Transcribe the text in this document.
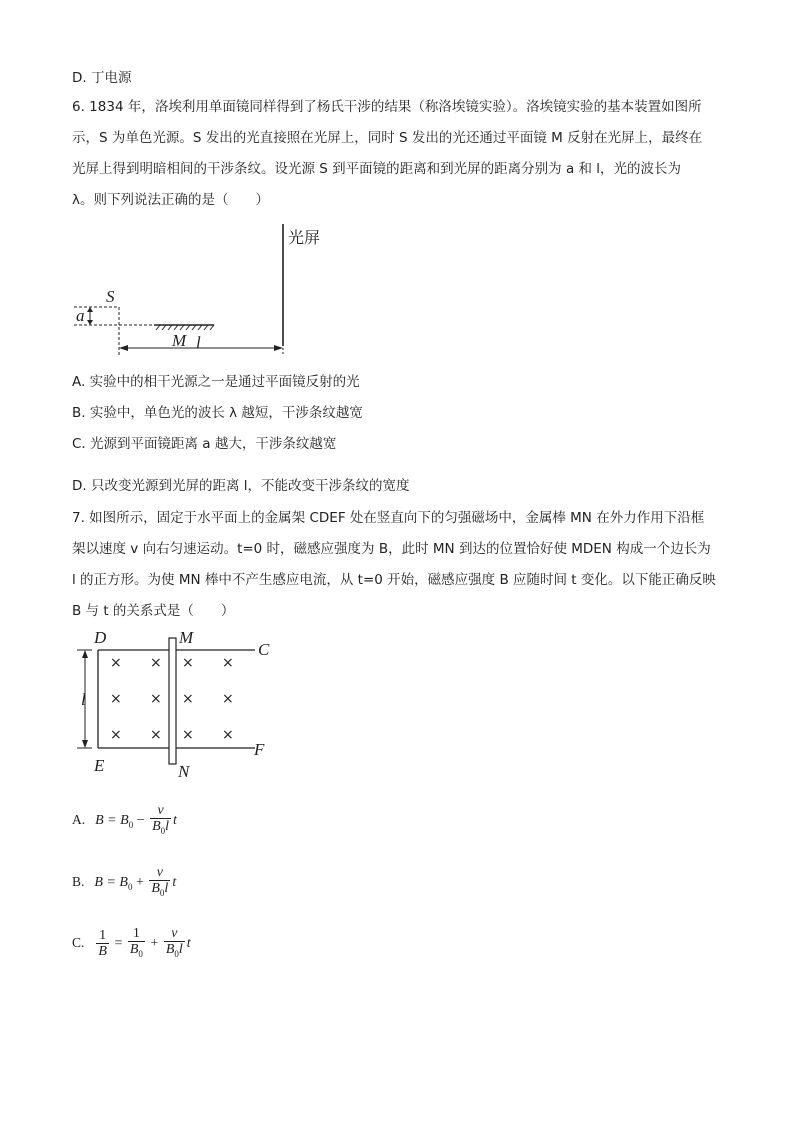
D. 丁电源

6. 1834 年，洛埃利用单面镜同样得到了杨氏干涉的结果（称洛埃镜实验）。洛埃镜实验的基本装置如图所

示，S 为单色光源。S 发出的光直接照在光屏上，同时 S 发出的光还通过平面镜 M 反射在光屏上，最终在

光屏上得到明暗相间的干涉条纹。设光源 S 到平面镜的距离和到光屏的距离分别为 a 和 l，光的波长为

λ。则下列说法正确的是（　　）

光屏
S
a
M l
A. 实验中的相干光源之一是通过平面镜反射的光
B. 实验中，单色光的波长 λ 越短，干涉条纹越宽
C. 光源到平面镜距离 a 越大，干涉条纹越宽
D. 只改变光源到光屏的距离 l，不能改变干涉条纹的宽度

7. 如图所示，固定于水平面上的金属架 CDEF 处在竖直向下的匀强磁场中，金属棒 MN 在外力作用下沿框

架以速度 v 向右匀速运动。t=0 时，磁感应强度为 B，此时 MN 到达的位置恰好使 MDEN 构成一个边长为

l 的正方形。为使 MN 棒中不产生感应电流，从 t=0 开始，磁感应强度 B 应随时间 t 变化。以下能正确反映

B 与 t 的关系式是（　　）

× × × ×
× × × ×
× × × ×
D	M
C
l
E	N
F
A. $B = B_0 - \frac{v}{B_0l}$ t
B. $B = B_0 + \frac{v}{B_0l}$ t
C. $\frac{1}{B} = \frac{1}{B_0} + \frac{v}{B_0l}$ t
